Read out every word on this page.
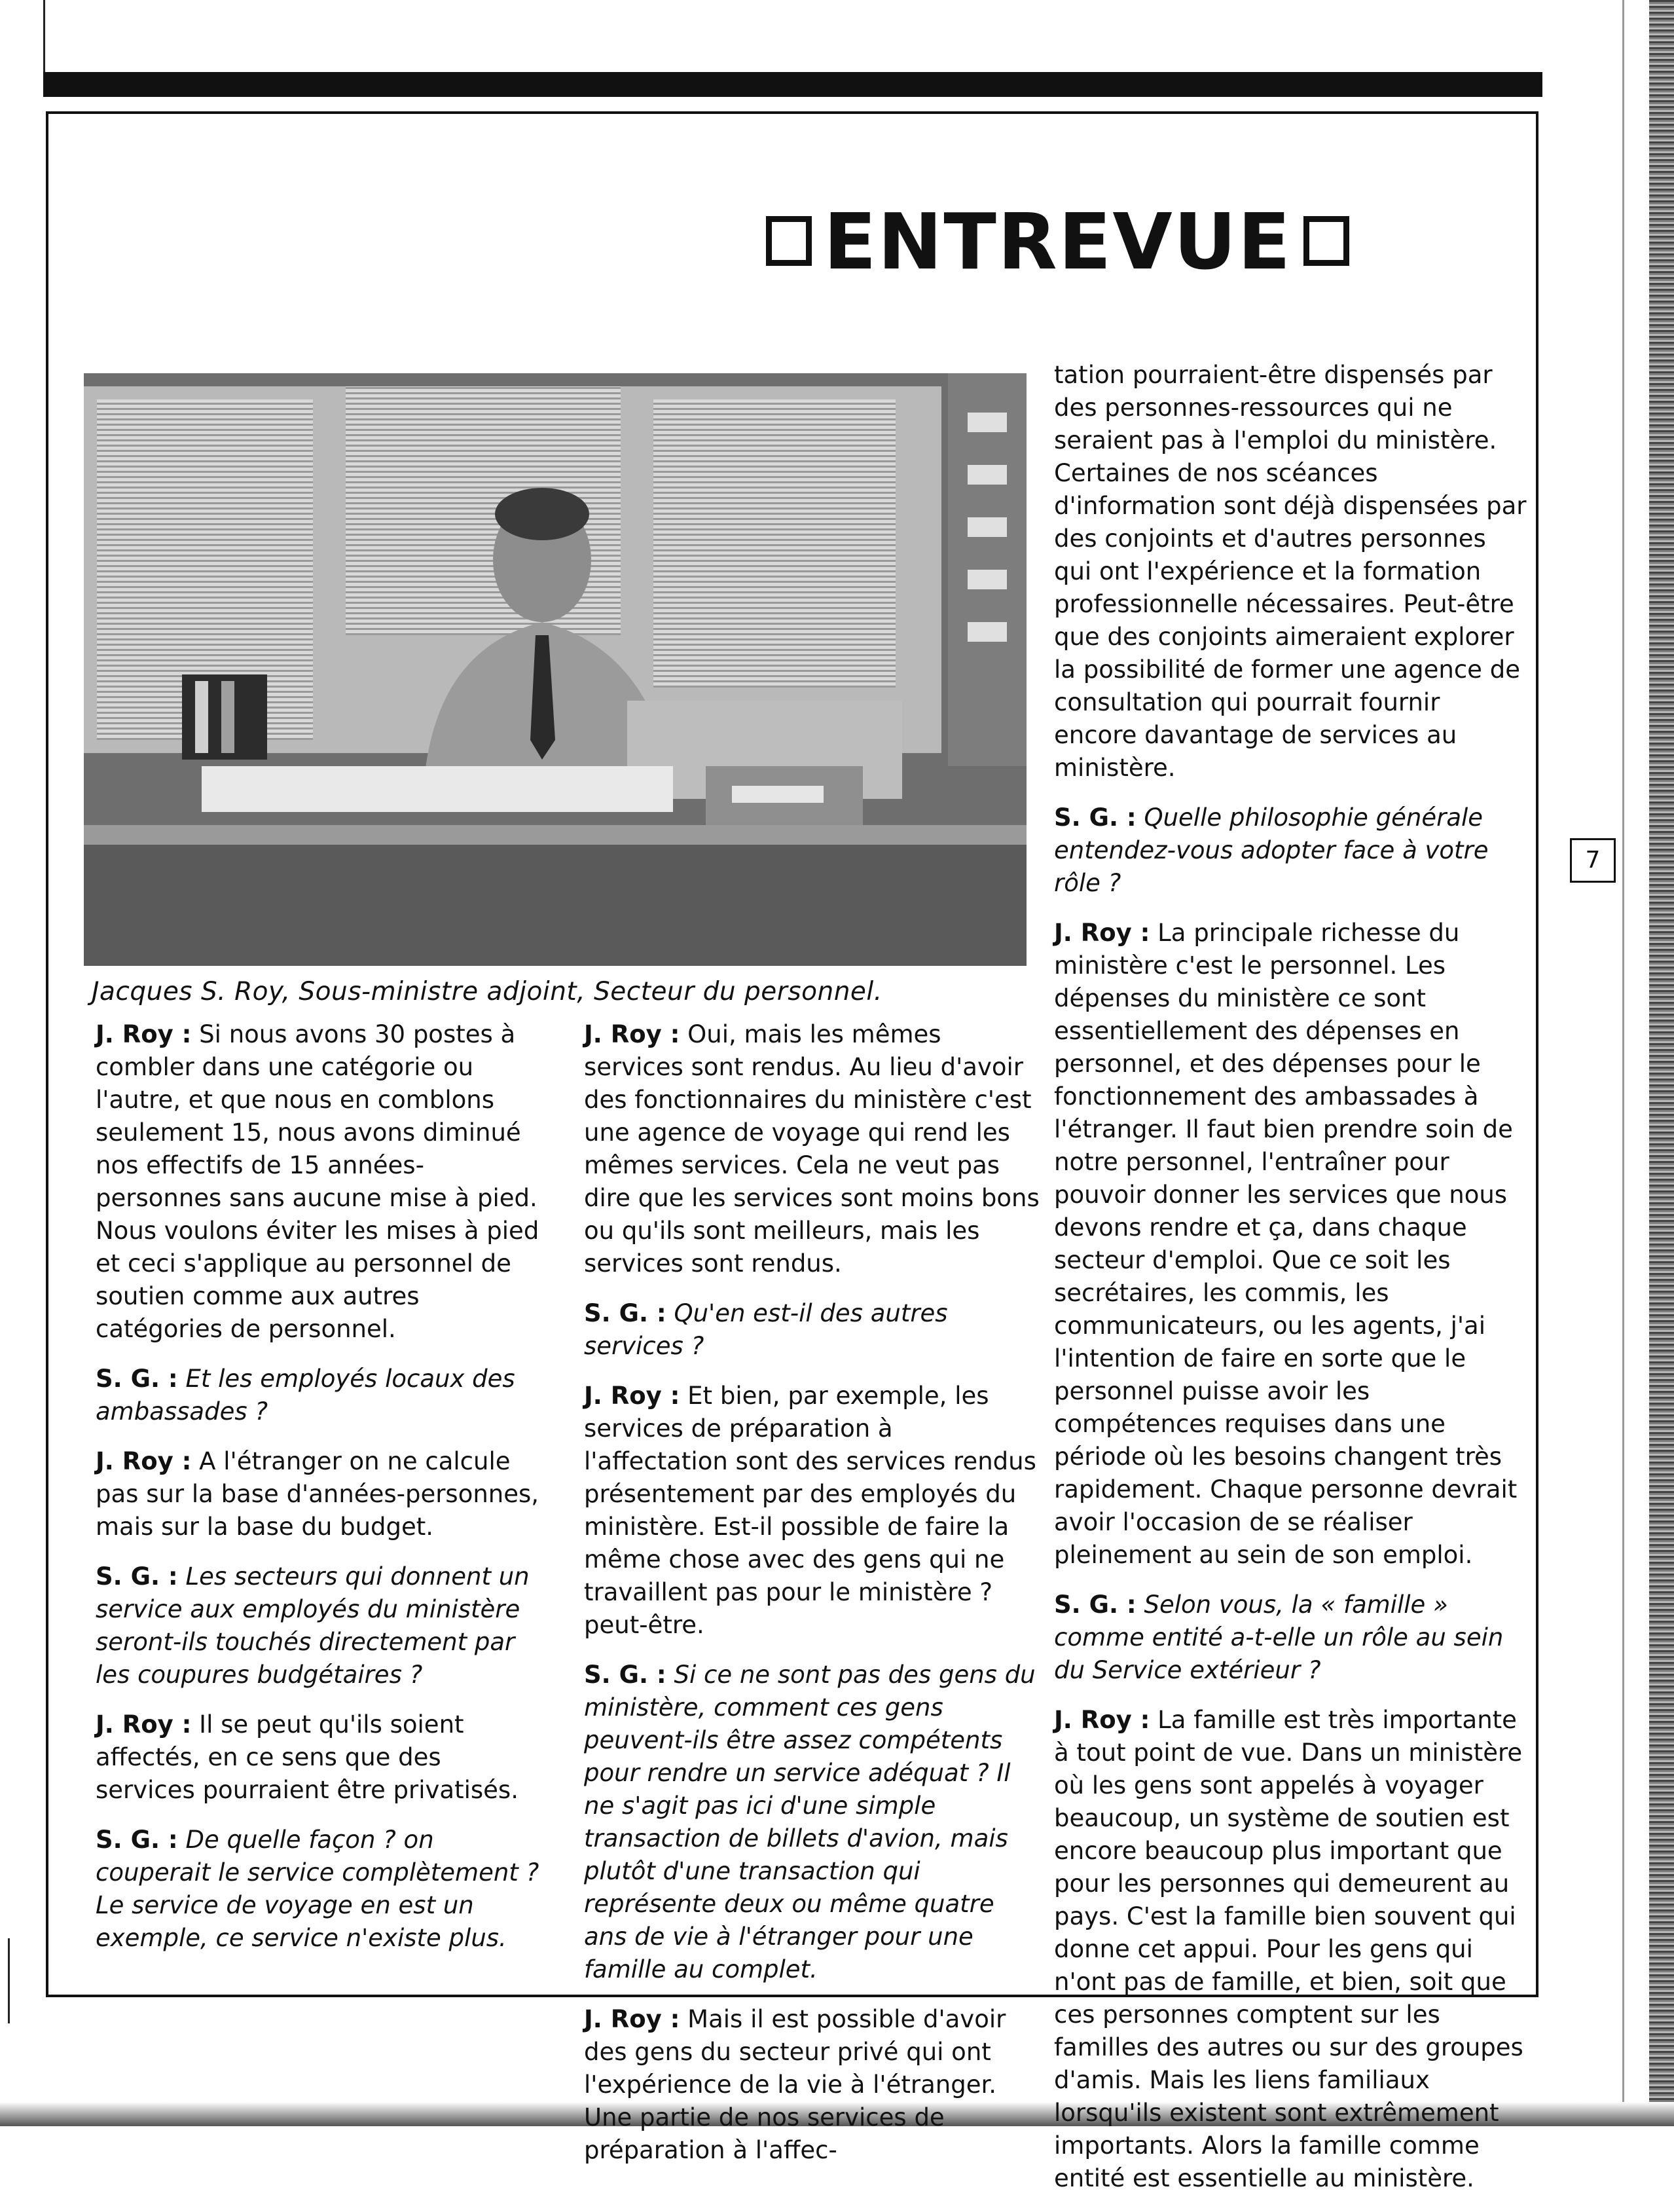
ENTREVUE
Jacques S. Roy, Sous-ministre adjoint, Secteur du personnel.

J. Roy : Si nous avons 30 postes à combler dans une catégorie ou l'autre, et que nous en comblons seulement 15, nous avons diminué nos effectifs de 15 années-personnes sans aucune mise à pied. Nous voulons éviter les mises à pied et ceci s'applique au personnel de soutien comme aux autres catégories de personnel.

S. G. : Et les employés locaux des ambassades ?

J. Roy : A l'étranger on ne calcule pas sur la base d'années-personnes, mais sur la base du budget.

S. G. : Les secteurs qui donnent un service aux employés du ministère seront-ils touchés directement par les coupures budgétaires ?

J. Roy : Il se peut qu'ils soient affectés, en ce sens que des services pourraient être privatisés.

S. G. : De quelle façon ? on couperait le service complètement ? Le service de voyage en est un exemple, ce service n'existe plus.

J. Roy : Oui, mais les mêmes services sont rendus. Au lieu d'avoir des fonctionnaires du ministère c'est une agence de voyage qui rend les mêmes services. Cela ne veut pas dire que les services sont moins bons ou qu'ils sont meilleurs, mais les services sont rendus.

S. G. : Qu'en est-il des autres services ?

J. Roy : Et bien, par exemple, les services de préparation à l'affectation sont des services rendus présentement par des employés du ministère. Est-il possible de faire la même chose avec des gens qui ne travaillent pas pour le ministère ? peut-être.

S. G. : Si ce ne sont pas des gens du ministère, comment ces gens peuvent-ils être assez compétents pour rendre un service adéquat ? Il ne s'agit pas ici d'une simple transaction de billets d'avion, mais plutôt d'une transaction qui représente deux ou même quatre ans de vie à l'étranger pour une famille au complet.

J. Roy : Mais il est possible d'avoir des gens du secteur privé qui ont l'expérience de la vie à l'étranger. Une partie de nos services de préparation à l'affec-

tation pourraient-être dispensés par des personnes-ressources qui ne seraient pas à l'emploi du ministère. Certaines de nos scéances d'information sont déjà dispensées par des conjoints et d'autres personnes qui ont l'expérience et la formation professionnelle nécessaires. Peut-être que des conjoints aimeraient explorer la possibilité de former une agence de consultation qui pourrait fournir encore davantage de services au ministère.

S. G. : Quelle philosophie générale entendez-vous adopter face à votre rôle ?

J. Roy : La principale richesse du ministère c'est le personnel. Les dépenses du ministère ce sont essentiellement des dépenses en personnel, et des dépenses pour le fonctionnement des ambassades à l'étranger. Il faut bien prendre soin de notre personnel, l'entraîner pour pouvoir donner les services que nous devons rendre et ça, dans chaque secteur d'emploi. Que ce soit les secrétaires, les commis, les communicateurs, ou les agents, j'ai l'intention de faire en sorte que le personnel puisse avoir les compétences requises dans une période où les besoins changent très rapidement. Chaque personne devrait avoir l'occasion de se réaliser pleinement au sein de son emploi.

S. G. : Selon vous, la « famille » comme entité a-t-elle un rôle au sein du Service extérieur ?

J. Roy : La famille est très importante à tout point de vue. Dans un ministère où les gens sont appelés à voyager beaucoup, un système de soutien est encore beaucoup plus important que pour les personnes qui demeurent au pays. C'est la famille bien souvent qui donne cet appui. Pour les gens qui n'ont pas de famille, et bien, soit que ces personnes comptent sur les familles des autres ou sur des groupes d'amis. Mais les liens familiaux lorsqu'ils existent sont extrêmement importants. Alors la famille comme entité est essentielle au ministère.

7
